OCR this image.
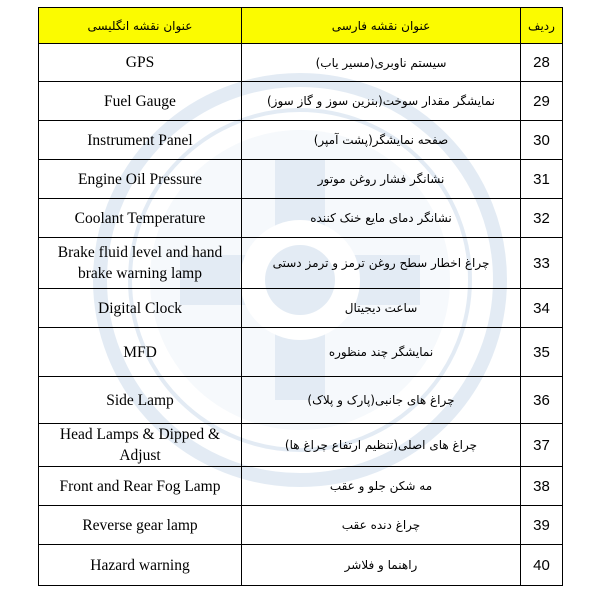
عنوان نقشه انگلیسی	عنوان نقشه فارسی	ردیف
GPS	سیستم ناوبری(مسیر یاب)	28
Fuel Gauge	نمایشگر مقدار سوخت(بنزین سوز و گاز سوز)	29
Instrument Panel	صفحه نمایشگر(پشت آمپر)	30
Engine Oil Pressure	نشانگر فشار روغن موتور	31
Coolant Temperature	نشانگر دمای مایع خنک کننده	32
Brake fluid level and hand brake warning lamp	چراغ اخطار سطح روغن ترمز و ترمز دستی	33
Digital Clock	ساعت دیجیتال	34
MFD	نمایشگر چند منظوره	35
Side Lamp	چراغ های جانبی(پارک و پلاک)	36
Head Lamps & Dipped & Adjust	چراغ های اصلی(تنظیم ارتفاع چراغ ها)	37
Front and Rear Fog Lamp	مه شکن جلو و عقب	38
Reverse gear lamp	چراغ دنده عقب	39
Hazard warning	راهنما و فلاشر	40
